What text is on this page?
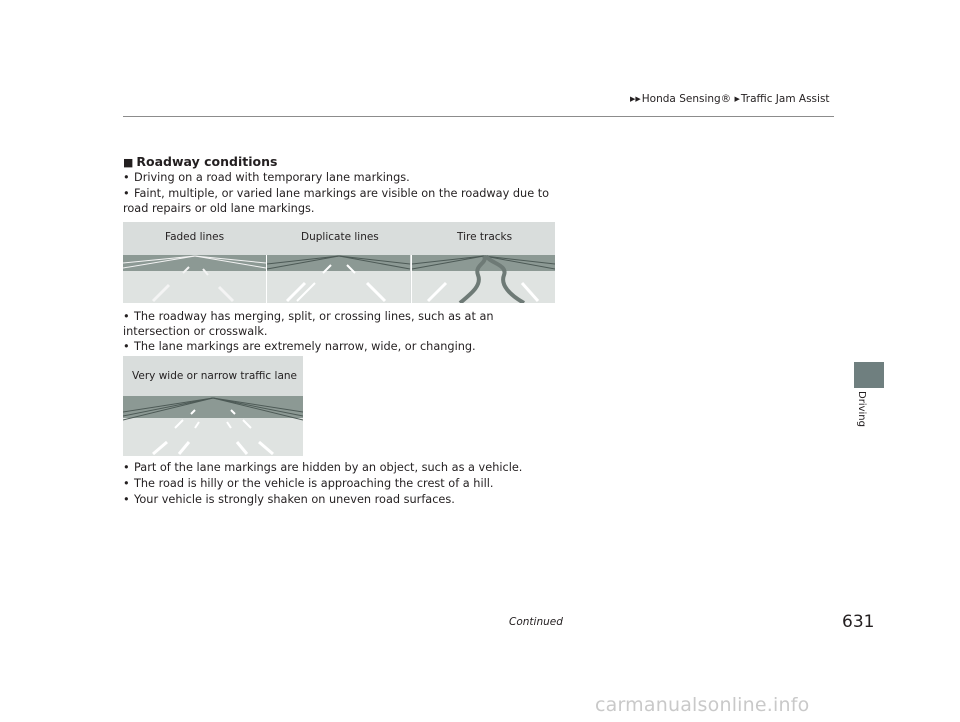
▶▶Honda Sensing® ▶Traffic Jam Assist
Driving
■ Roadway conditions
• Driving on a road with temporary lane markings.
• Faint, multiple, or varied lane markings are visible on the roadway due to road repairs or old lane markings.
Faded lines	Duplicate lines	Tire tracks
• The roadway has merging, split, or crossing lines, such as at an intersection or crosswalk.
• The lane markings are extremely narrow, wide, or changing.
Very wide or narrow traffic lane
• Part of the lane markings are hidden by an object, such as a vehicle.
• The road is hilly or the vehicle is approaching the crest of a hill.
• Your vehicle is strongly shaken on uneven road surfaces.
Continued	631
carmanualsonline.info
